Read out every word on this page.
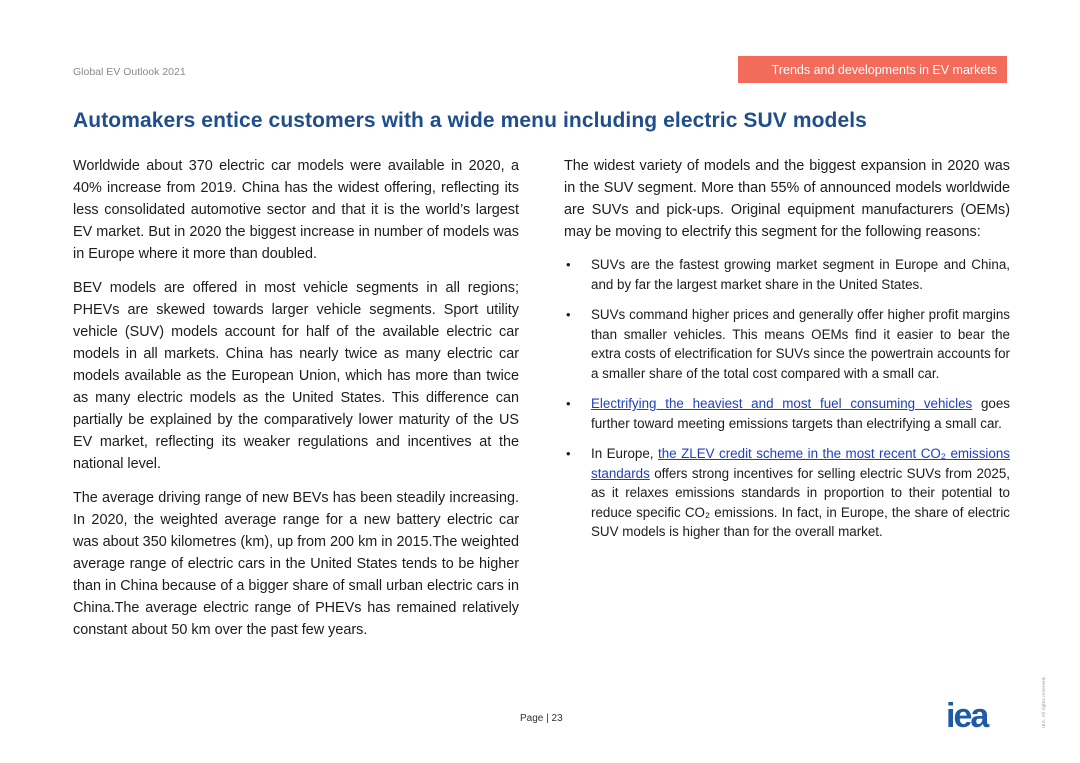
Global EV Outlook 2021	Trends and developments in EV markets
Automakers entice customers with a wide menu including electric SUV models

Worldwide about 370 electric car models were available in 2020, a 40% increase from 2019. China has the widest offering, reflecting its less consolidated automotive sector and that it is the world’s largest EV market. But in 2020 the biggest increase in number of models was in Europe where it more than doubled.

BEV models are offered in most vehicle segments in all regions; PHEVs are skewed towards larger vehicle segments. Sport utility vehicle (SUV) models account for half of the available electric car models in all markets. China has nearly twice as many electric car models available as the European Union, which has more than twice as many electric models as the United States. This difference can partially be explained by the comparatively lower maturity of the US EV market, reflecting its weaker regulations and incentives at the national level.

The average driving range of new BEVs has been steadily increasing. In 2020, the weighted average range for a new battery electric car was about 350 kilometres (km), up from 200 km in 2015.The weighted average range of electric cars in the United States tends to be higher than in China because of a bigger share of small urban electric cars in China.The average electric range of PHEVs has remained relatively constant about 50 km over the past few years.

The widest variety of models and the biggest expansion in 2020 was in the SUV segment. More than 55% of announced models worldwide are SUVs and pick-ups. Original equipment manufacturers (OEMs) may be moving to electrify this segment for the following reasons:

• SUVs are the fastest growing market segment in Europe and China, and by far the largest market share in the United States.
• SUVs command higher prices and generally offer higher profit margins than smaller vehicles. This means OEMs find it easier to bear the extra costs of electrification for SUVs since the powertrain accounts for a smaller share of the total cost compared with a small car.
• Electrifying the heaviest and most fuel consuming vehicles goes further toward meeting emissions targets than electrifying a small car.
• In Europe, the ZLEV credit scheme in the most recent CO₂ emissions standards offers strong incentives for selling electric SUVs from 2025, as it relaxes emissions standards in proportion to their potential to reduce specific CO₂ emissions. In fact, in Europe, the share of electric SUV models is higher than for the overall market.
Page | 23	iea	IEA. All rights reserved.
